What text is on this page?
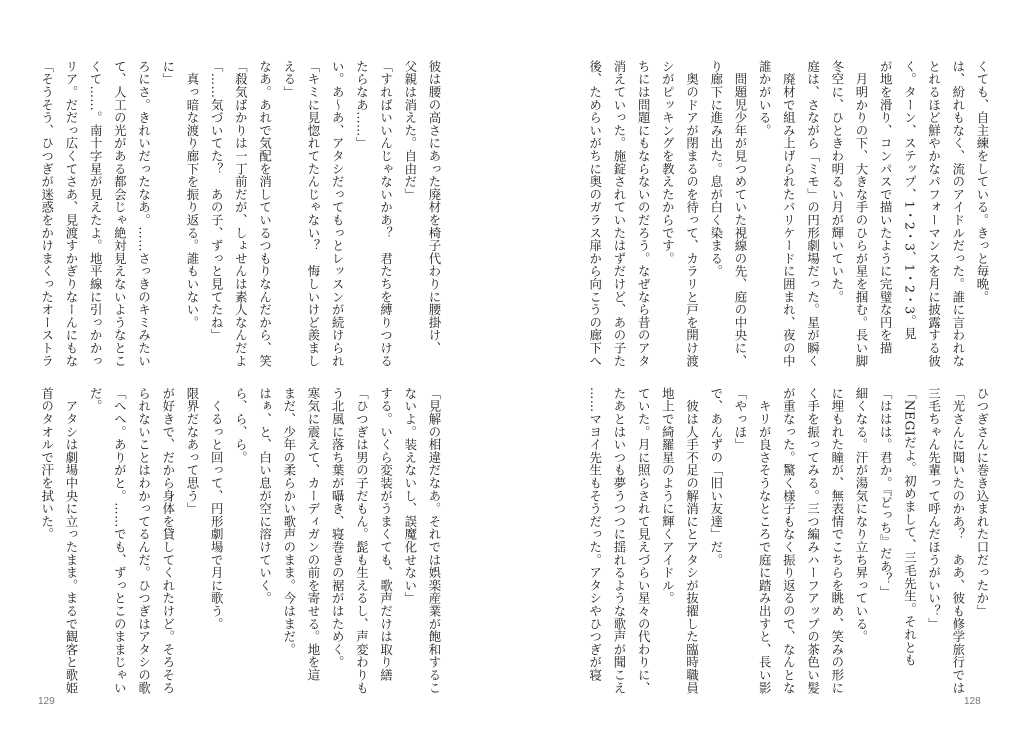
彼は腰の高さにあった廃材を椅子代わりに腰掛け、
父親は消えた。自由だ」
「すればいいんじゃないかあ？　君たちを縛りつける
たらなあ……」
い。あ〜あ、アタシだってもっとレッスンが続けられ
「キミに見惚れてたんじゃない？　悔しいけど羨まし
える」
なあ。あれで気配を消しているつもりなんだから、笑
「殺気ばかりは一丁前だが、しょせんは素人なんだよ
「……気づいてた？　あの子、ずっと見てたね」
　真っ暗な渡り廊下を振り返る。誰もいない。
に」
ろにさ。きれいだったなあ。……さっきのキミみたい
て、人工の光がある都会じゃ絶対見えないようなとこ
くて……。南十字星が見えたよ。地平線に引っかかっ
リア。だだっ広くてさあ、見渡すかぎりなーんにもな
「そうそう、ひつぎが迷惑をかけまくったオーストラ
「見解の相違だなあ。それでは娯楽産業が飽和するこ
ないよ。装えないし、誤魔化せない」
する。いくら変装がうまくても、歌声だけは取り繕
「ひつぎは男の子だもん。髭も生えるし、声変わりも
う北風に落ち葉が囁き、寝巻きの裾がはためく。
寒気に震えて、カーディガンの前を寄せる。地を這
まだ、少年の柔らかい歌声のまま。今はまだ。
はぁ、と、白い息が空に溶けていく。
ら、ら、ら。
　くるっと回って、円形劇場で月に歌う。
限界だなあって思う」
が好きで、だから身体を貸してくれたけど。そろそろ
られないことはわかってるんだ。ひつぎはアタシの歌
「へへ。ありがと。……でも、ずっとこのままじゃい
だ。
　アタシは劇場中央に立ったまま。まるで観客と歌姫
首のタオルで汗を拭いた。
129
くても、自主練をしている。きっと毎晩。
は、紛れもなく、流のアイドルだった。誰に言われな
とれるほど鮮やかなパフォーマンスを月に披露する彼
く。ターン、ステップ、1・2・3、1・2・3。見
が地を滑り、コンパスで描いたように完璧な円を描
　月明かりの下、大きな手のひらが星を掴む。長い脚
冬空に、ひときわ明るい月が輝いていた。
庭は、さながら「ミモ」の円形劇場だった。星が瞬く
　廃材で組み上げられたバリケードに囲まれ、夜の中
誰かがいる。
　問題児少年が見つめていた視線の先、庭の中央に、
り廊下に進み出た。息が白く染まる。
　奥のドアが閉まるのを待って、カラリと戸を開け渡
シがピッキングを教えたからです。
ちには問題にもならないのだろう。なぜなら昔のアタ
消えていった。施錠されていたはずだけど、あの子た
後、ためらいがちに奥のガラス扉から向こうの廊下へ
ひつぎさんに巻き込まれた口だったか」
「光さんに聞いたのかあ？　ああ、彼も修学旅行では
三毛ちゃん先輩って呼んだほうがいい？」
「NEGIだよ。初めまして、三毛先生。それとも
「ははは。君か。『どっち』だあ？」
細くなる。汗が湯気になり立ち昇っている。
に埋もれた瞳が、無表情でこちらを眺め、笑みの形に
く手を振ってみる。三つ編みハーフアップの茶色い髪
が重なった。驚く様子もなく振り返るので、なんとな
　キリが良さそうなところで庭に踏み出すと、長い影
「やっほ」
で、あんずの「旧い友達」だ。
　彼は人手不足の解消にとアタシが抜擢した臨時職員
地上で綺羅星のように輝くアイドル。
ていた。月に照らされて見えづらい星々の代わりに、
たあとはいつも夢うつつに揺れるような歌声が聞こえ
……マヨイ先生もそうだった。アタシやひつぎが寝
128
